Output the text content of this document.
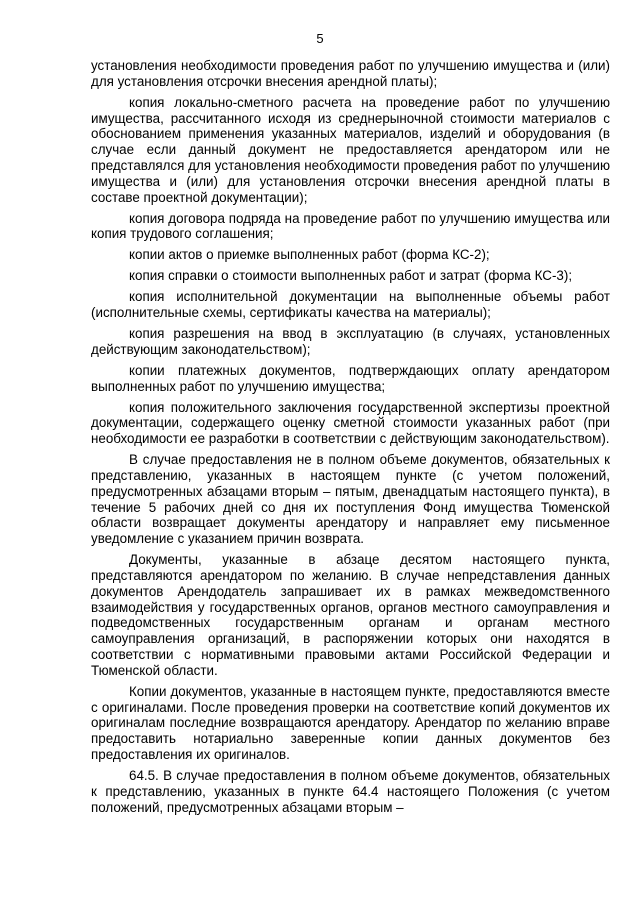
5

установления необходимости проведения работ по улучшению имущества и (или) для установления отсрочки внесения арендной платы);

копия локально-сметного расчета на проведение работ по улучшению имущества, рассчитанного исходя из среднерыночной стоимости материалов с обоснованием применения указанных материалов, изделий и оборудования (в случае если данный документ не предоставляется арендатором или не представлялся для установления необходимости проведения работ по улучшению имущества и (или) для установления отсрочки внесения арендной платы в составе проектной документации);

копия договора подряда на проведение работ по улучшению имущества или копия трудового соглашения;

копии актов о приемке выполненных работ (форма КС-2);

копия справки о стоимости выполненных работ и затрат (форма КС-3);

копия исполнительной документации на выполненные объемы работ (исполнительные схемы, сертификаты качества на материалы);

копия разрешения на ввод в эксплуатацию (в случаях, установленных действующим законодательством);

копии платежных документов, подтверждающих оплату арендатором выполненных работ по улучшению имущества;

копия положительного заключения государственной экспертизы проектной документации, содержащего оценку сметной стоимости указанных работ (при необходимости ее разработки в соответствии с действующим законодательством).

В случае предоставления не в полном объеме документов, обязательных к представлению, указанных в настоящем пункте (с учетом положений, предусмотренных абзацами вторым – пятым, двенадцатым настоящего пункта), в течение 5 рабочих дней со дня их поступления Фонд имущества Тюменской области возвращает документы арендатору и направляет ему письменное уведомление с указанием причин возврата.

Документы, указанные в абзаце десятом настоящего пункта, представляются арендатором по желанию. В случае непредставления данных документов Арендодатель запрашивает их в рамках межведомственного взаимодействия у государственных органов, органов местного самоуправления и подведомственных государственным органам и органам местного самоуправления организаций, в распоряжении которых они находятся в соответствии с нормативными правовыми актами Российской Федерации и Тюменской области.

Копии документов, указанные в настоящем пункте, предоставляются вместе с оригиналами. После проведения проверки на соответствие копий документов их оригиналам последние возвращаются арендатору. Арендатор по желанию вправе предоставить нотариально заверенные копии данных документов без предоставления их оригиналов.

64.5. В случае предоставления в полном объеме документов, обязательных к представлению, указанных в пункте 64.4 настоящего Положения (с учетом положений, предусмотренных абзацами вторым –
